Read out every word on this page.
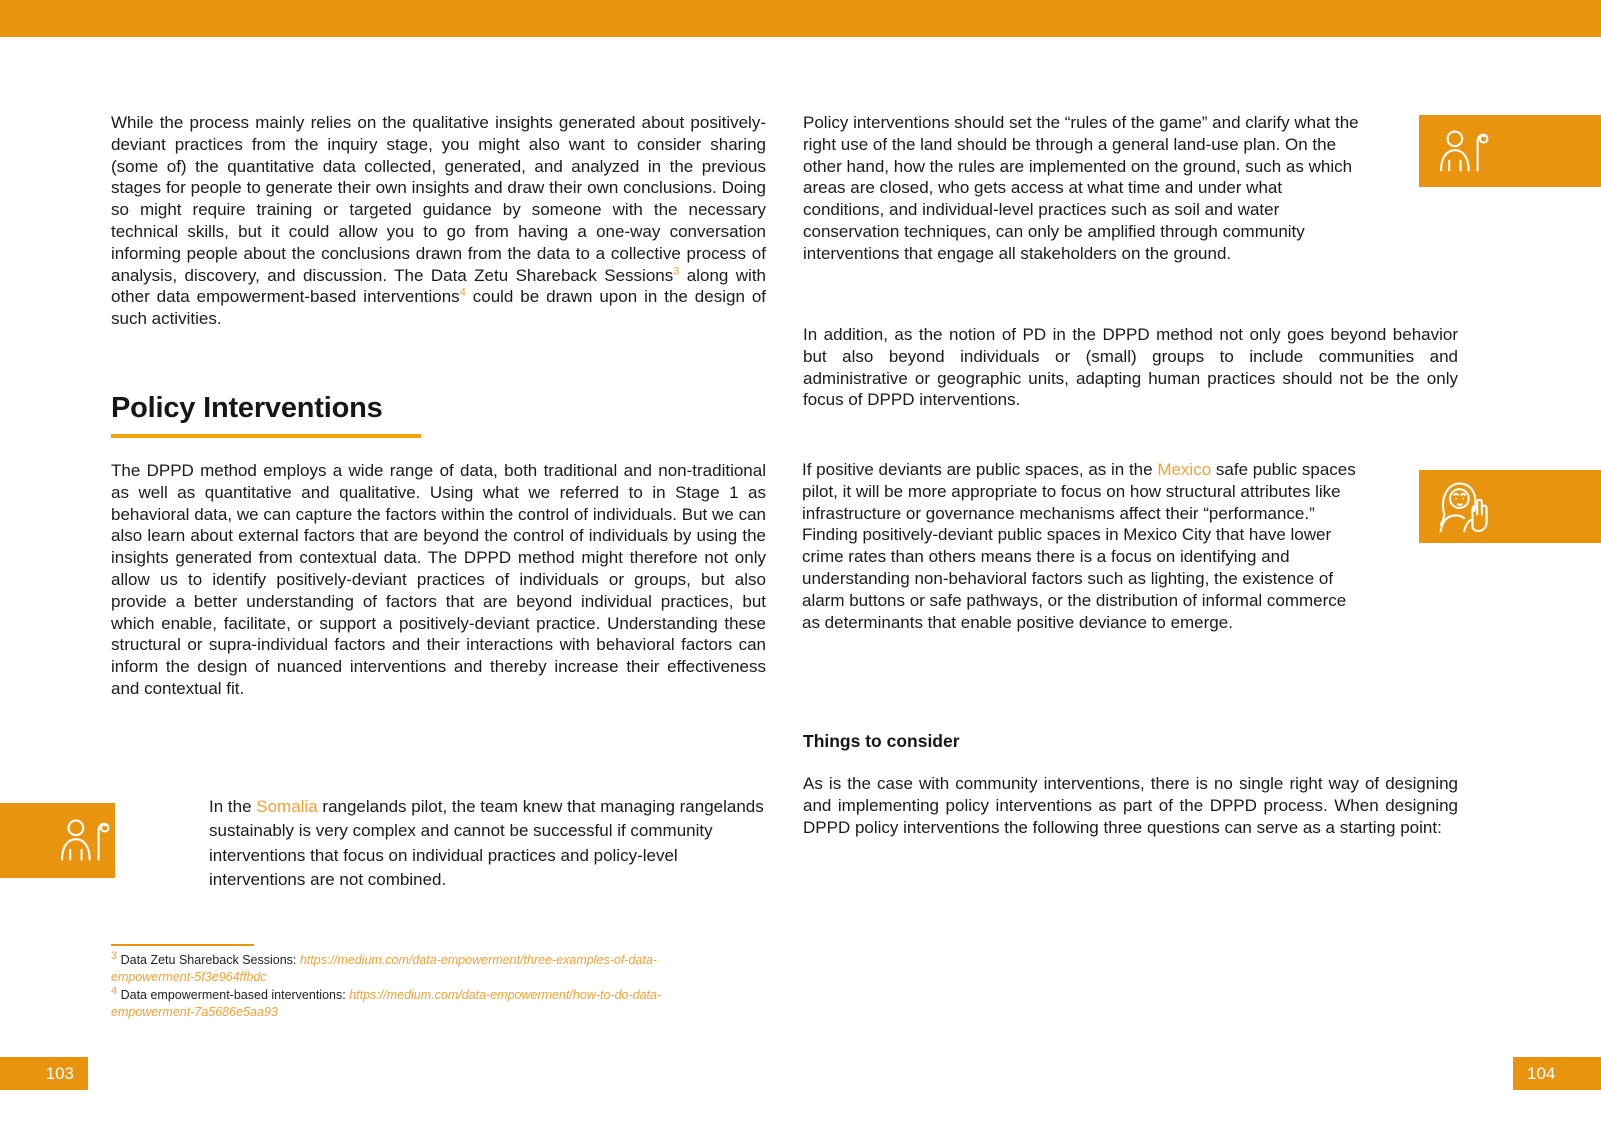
While the process mainly relies on the qualitative insights generated about positively-deviant practices from the inquiry stage, you might also want to consider sharing (some of) the quantitative data collected, generated, and analyzed in the previous stages for people to generate their own insights and draw their own conclusions. Doing so might require training or targeted guidance by someone with the necessary technical skills, but it could allow you to go from having a one-way conversation informing people about the conclusions drawn from the data to a collective process of analysis, discovery, and discussion. The Data Zetu Shareback Sessions$^3$ along with other data empowerment-based interventions$^4$ could be drawn upon in the design of such activities.
Policy Interventions
The DPPD method employs a wide range of data, both traditional and non-traditional as well as quantitative and qualitative. Using what we referred to in Stage 1 as behavioral data, we can capture the factors within the control of individuals. But we can also learn about external factors that are beyond the control of individuals by using the insights generated from contextual data. The DPPD method might therefore not only allow us to identify positively-deviant practices of individuals or groups, but also provide a better understanding of factors that are beyond individual practices, but which enable, facilitate, or support a positively-deviant practice. Understanding these structural or supra-individual factors and their interactions with behavioral factors can inform the design of nuanced interventions and thereby increase their effectiveness and contextual fit.
In the Somalia rangelands pilot, the team knew that managing rangelands sustainably is very complex and cannot be successful if community interventions that focus on individual practices and policy-level interventions are not combined.
$^3$ Data Zetu Shareback Sessions: https://medium.com/data-empowerment/three-examples-of-data-empowerment-5f3e964ffbdc
$^4$ Data empowerment-based interventions: https://medium.com/data-empowerment/how-to-do-data-empowerment-7a5686e5aa93
103
Policy interventions should set the “rules of the game” and clarify what the right use of the land should be through a general land-use plan. On the other hand, how the rules are implemented on the ground, such as which areas are closed, who gets access at what time and under what conditions, and individual-level practices such as soil and water conservation techniques, can only be amplified through community interventions that engage all stakeholders on the ground.
In addition, as the notion of PD in the DPPD method not only goes beyond behavior but also beyond individuals or (small) groups to include communities and administrative or geographic units, adapting human practices should not be the only focus of DPPD interventions.
If positive deviants are public spaces, as in the Mexico safe public spaces pilot, it will be more appropriate to focus on how structural attributes like infrastructure or governance mechanisms affect their “performance.” Finding positively-deviant public spaces in Mexico City that have lower crime rates than others means there is a focus on identifying and understanding non-behavioral factors such as lighting, the existence of alarm buttons or safe pathways, or the distribution of informal commerce as determinants that enable positive deviance to emerge.
Things to consider
As is the case with community interventions, there is no single right way of designing and implementing policy interventions as part of the DPPD process. When designing DPPD policy interventions the following three questions can serve as a starting point:
104
